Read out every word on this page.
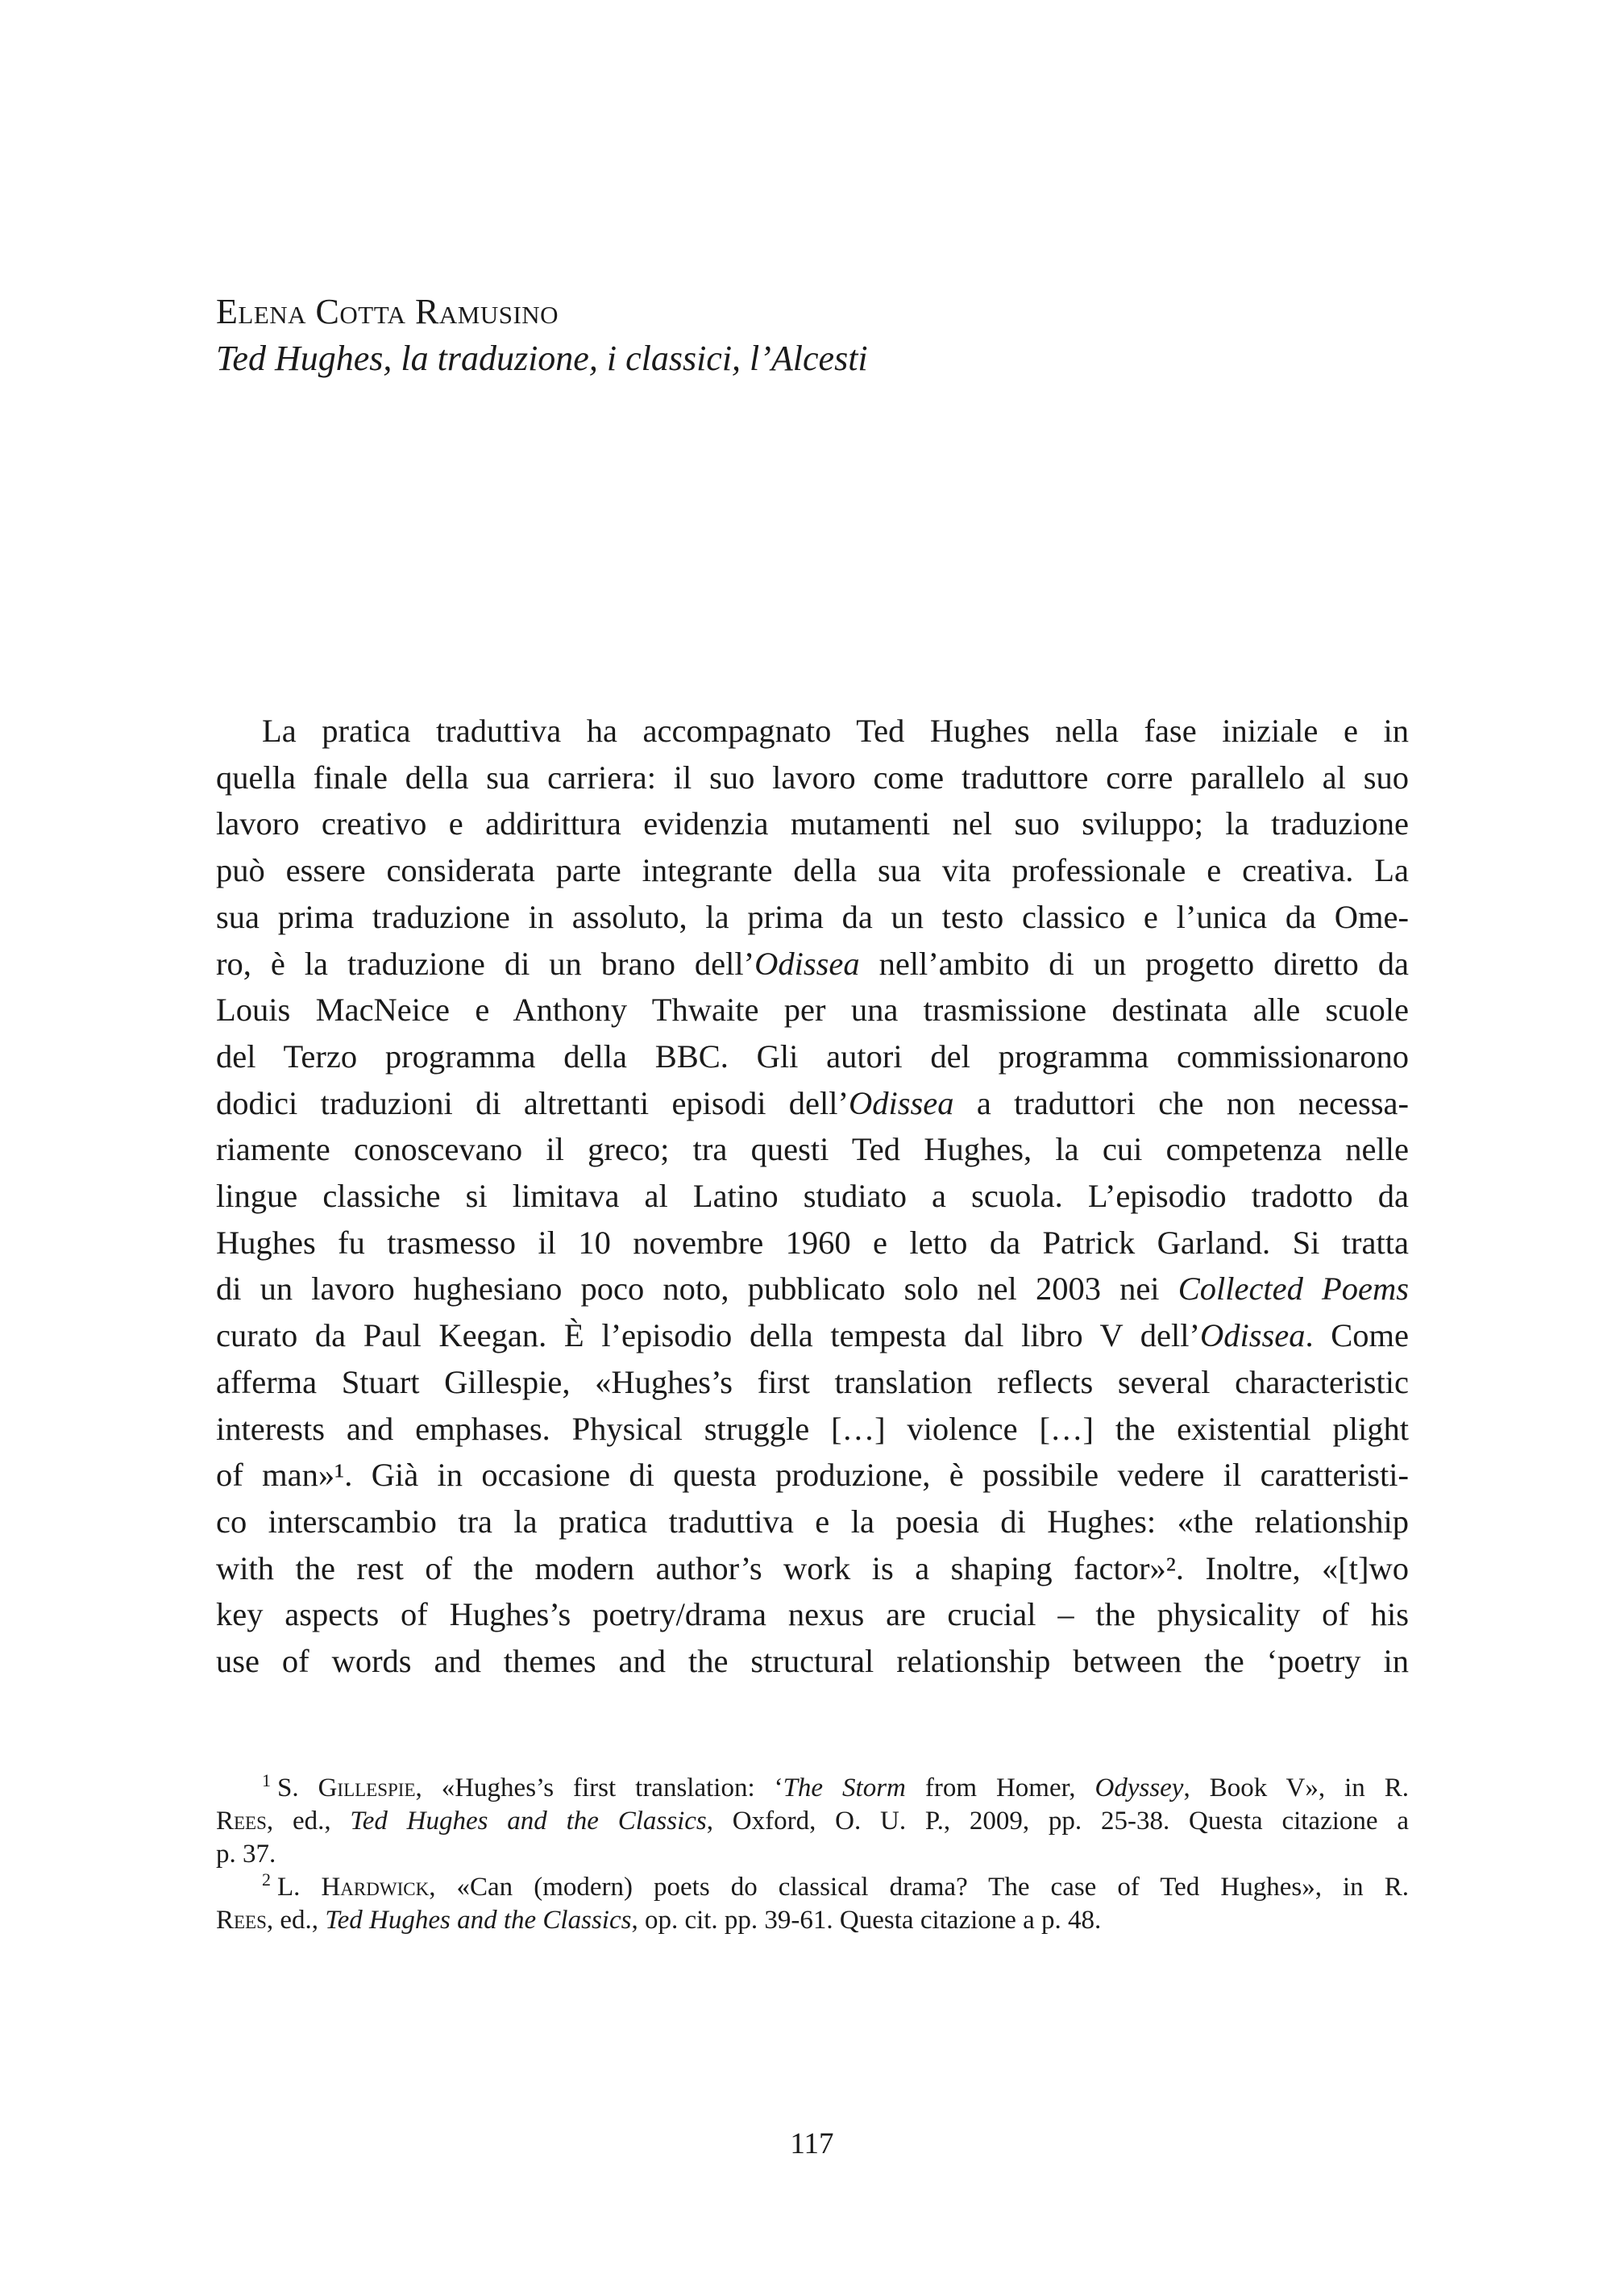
Elena Cotta Ramusino

Ted Hughes, la traduzione, i classici, l’Alcesti

La pratica traduttiva ha accompagnato Ted Hughes nella fase iniziale e in
quella finale della sua carriera: il suo lavoro come traduttore corre parallelo al suo
lavoro creativo e addirittura evidenzia mutamenti nel suo sviluppo; la traduzione
può essere considerata parte integrante della sua vita professionale e creativa. La
sua prima traduzione in assoluto, la prima da un testo classico e l’unica da Ome-
ro, è la traduzione di un brano dell’Odissea nell’ambito di un progetto diretto da
Louis MacNeice e Anthony Thwaite per una trasmissione destinata alle scuole
del Terzo programma della BBC. Gli autori del programma commissionarono
dodici traduzioni di altrettanti episodi dell’Odissea a traduttori che non necessa-
riamente conoscevano il greco; tra questi Ted Hughes, la cui competenza nelle
lingue classiche si limitava al Latino studiato a scuola. L’episodio tradotto da
Hughes fu trasmesso il 10 novembre 1960 e letto da Patrick Garland. Si tratta
di un lavoro hughesiano poco noto, pubblicato solo nel 2003 nei Collected Poems
curato da Paul Keegan. È l’episodio della tempesta dal libro V dell’Odissea. Come
afferma Stuart Gillespie, «Hughes’s first translation reflects several characteristic
interests and emphases. Physical struggle […] violence […] the existential plight
of man»¹. Già in occasione di questa produzione, è possibile vedere il caratteristi-
co interscambio tra la pratica traduttiva e la poesia di Hughes: «the relationship
with the rest of the modern author’s work is a shaping factor»². Inoltre, «[t]wo
key aspects of Hughes’s poetry/drama nexus are crucial – the physicality of his
use of words and themes and the structural relationship between the ‘poetry in
$^1$ S. Gillespie, «Hughes’s first translation: ‘The Storm from Homer, Odyssey, Book V», in R.
Rees, ed., Ted Hughes and the Classics, Oxford, O. U. P., 2009, pp. 25-38. Questa citazione a
p. 37.
$^2$ L. Hardwick, «Can (modern) poets do classical drama? The case of Ted Hughes», in R.
Rees, ed., Ted Hughes and the Classics, op. cit. pp. 39-61. Questa citazione a p. 48.
117
